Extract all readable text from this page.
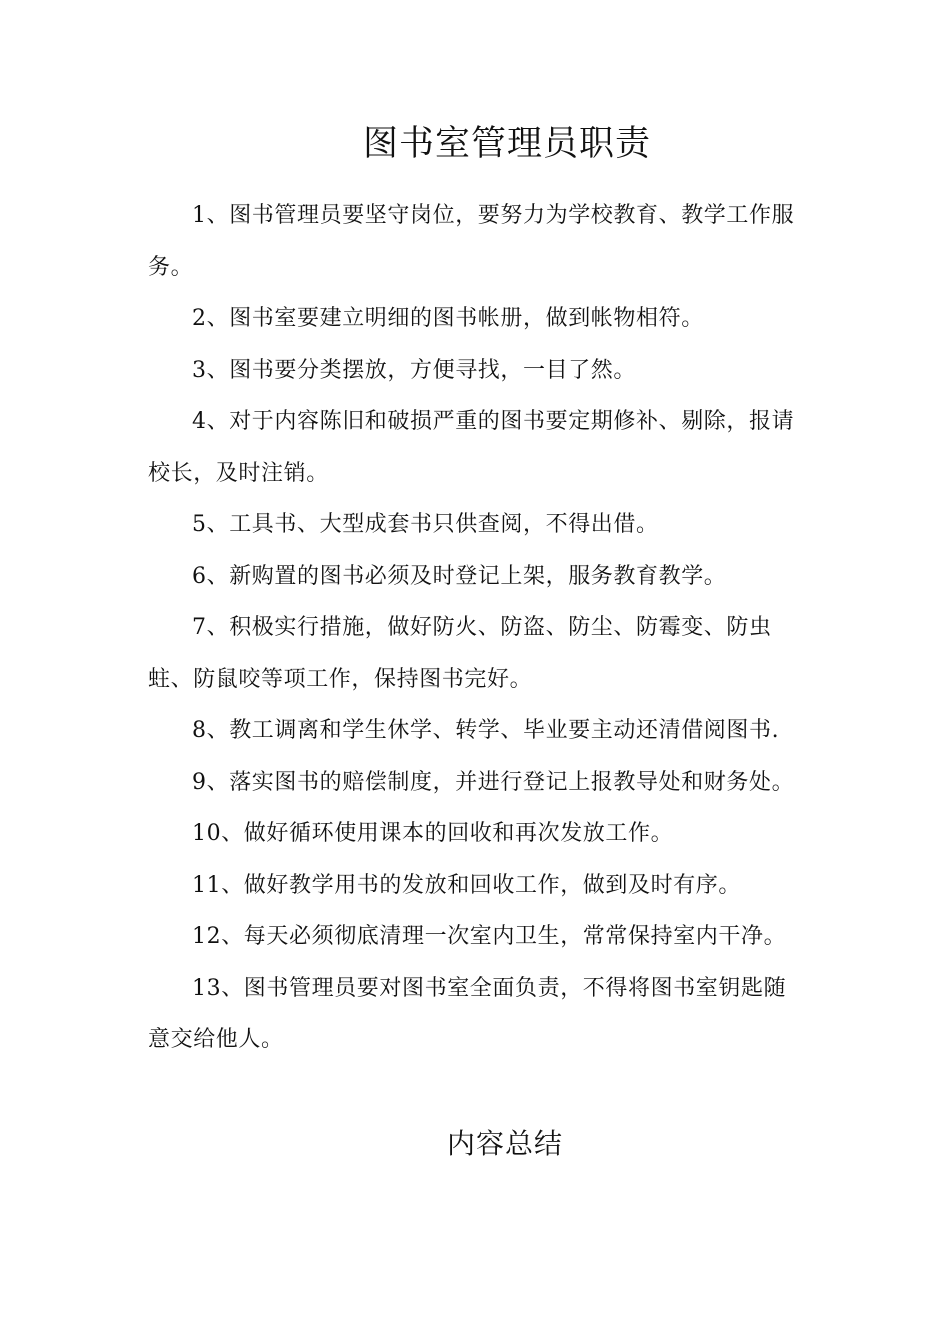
图书室管理员职责

1、图书管理员要坚守岗位，要努力为学校教育、教学工作服务。

2、图书室要建立明细的图书帐册，做到帐物相符。

3、图书要分类摆放，方便寻找，一目了然。

4、对于内容陈旧和破损严重的图书要定期修补、剔除，报请校长，及时注销。

5、工具书、大型成套书只供查阅，不得出借。

6、新购置的图书必须及时登记上架，服务教育教学。

7、积极实行措施，做好防火、防盗、防尘、防霉变、防虫蛀、防鼠咬等项工作，保持图书完好。

8、教工调离和学生休学、转学、毕业要主动还清借阅图书.

9、落实图书的赔偿制度，并进行登记上报教导处和财务处。

10、做好循环使用课本的回收和再次发放工作。

11、做好教学用书的发放和回收工作，做到及时有序。

12、每天必须彻底清理一次室内卫生，常常保持室内干净。

13、图书管理员要对图书室全面负责，不得将图书室钥匙随意交给他人。

内容总结
